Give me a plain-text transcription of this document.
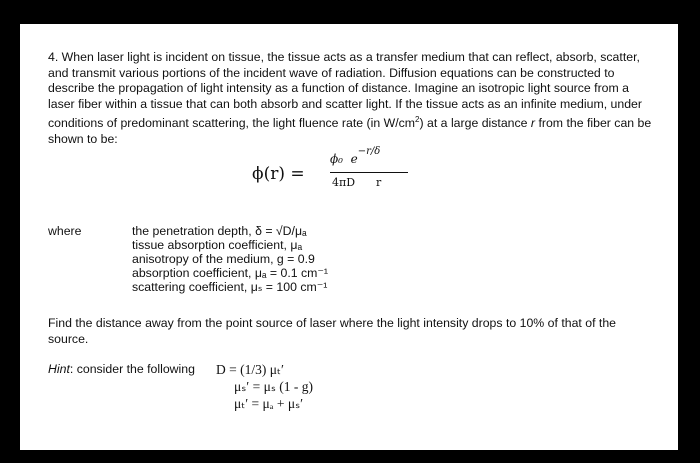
4. When laser light is incident on tissue, the tissue acts as a transfer medium that can reflect, absorb, scatter, and transmit various portions of the incident wave of radiation. Diffusion equations can be constructed to describe the propagation of light intensity as a function of distance. Imagine an isotropic light source from a laser fiber within a tissue that can both absorb and scatter light. If the tissue acts as an infinite medium, under conditions of predominant scattering, the light fluence rate (in $W/cm^2$) at a large distance r from the fiber can be shown to be:

ϕ(r) =
ϕ₀ $e^{-r/\delta}$
4πD      r
where	the penetration depth, δ = √D/μₐ
tissue absorption coefficient, μₐ
anisotropy of the medium, g = 0.9
absorption coefficient, μₐ = 0.1 cm⁻¹
scattering coefficient, μₛ = 100 cm⁻¹

Find the distance away from the point source of laser where the light intensity drops to 10% of that of the source.

Hint: consider the following D = (1/3) μₜ′
μₛ′ = μₛ (1 - g)
μₜ′ = μₐ + μₛ′
